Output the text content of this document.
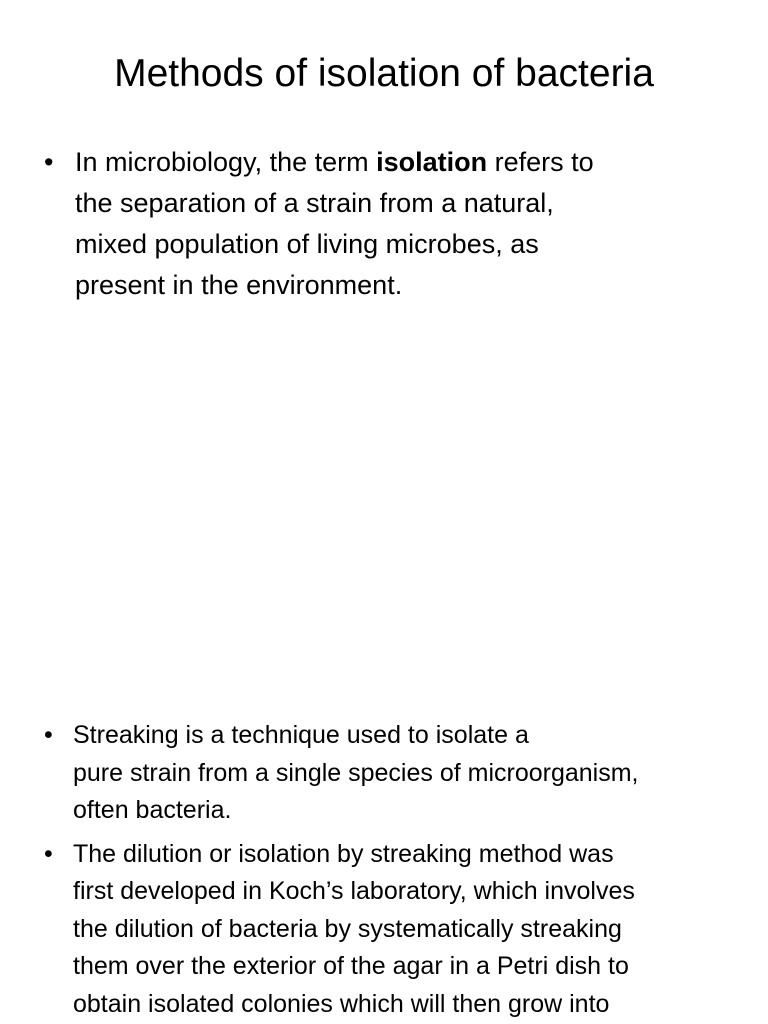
Methods of isolation of bacteria
• In microbiology, the term isolation refers to
the separation of a strain from a natural,
mixed population of living microbes, as
present in the environment.
• Streaking is a technique used to isolate a
pure strain from a single species of microorganism,
often bacteria.
• The dilution or isolation by streaking method was
first developed in Koch’s laboratory, which involves
the dilution of bacteria by systematically streaking
them over the exterior of the agar in a Petri dish to
obtain isolated colonies which will then grow into
